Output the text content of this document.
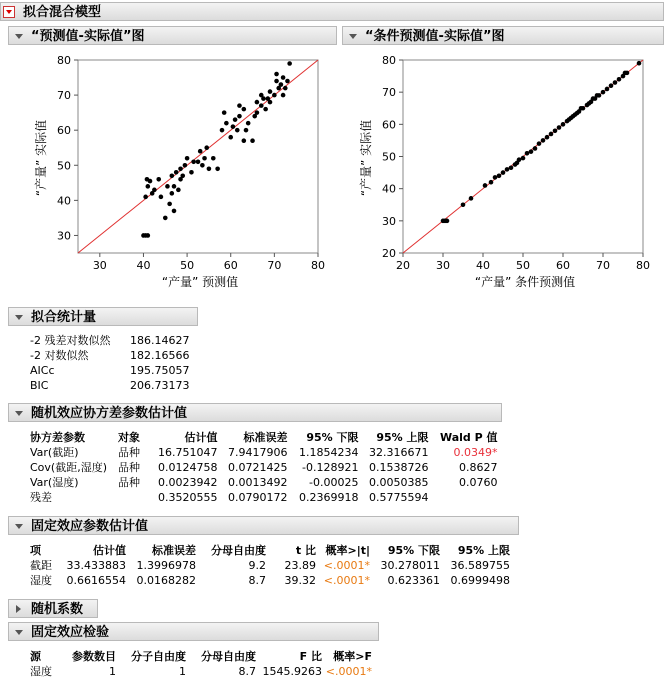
拟合混合模型
“预测值-实际值”图	“条件预测值-实际值”图
30	40	50	60	70	80
30
40
50
60
70
80
“产量” 预测值
“产量” 实际值
20 30 40 50 60 70 80
20
30
40
50
60
70
80
“产量” 条件预测值
“产量” 实际值
拟合统计量
-2 残差对数似然	186.14627
-2 对数似然	182.16566
AICc	195.75057
BIC	206.73173
随机效应协方差参数估计值
协方差参数	对象	估计值	标准误差	95% 下限	95% 上限	Wald P 值
Var(截距)	品种	16.751047	7.9417906	1.1854234	32.316671	0.0349*
Cov(截距,湿度)	品种	0.0124758	0.0721425	-0.128921	0.1538726	0.8627
Var(湿度)	品种	0.0023942	0.0013492	-0.00025	0.0050385	0.0760
残差		0.3520555	0.0790172	0.2369918	0.5775594	
固定效应参数估计值
项	估计值	标准误差	分母自由度	t 比	概率>|t|	95% 下限	95% 上限
截距	33.433883	1.3996978	9.2	23.89	<.0001*	30.278011	36.589755
湿度	0.6616554	0.0168282	8.7	39.32	<.0001*	0.623361	0.6999498
随机系数
固定效应检验
源	参数数目	分子自由度	分母自由度	F 比	概率>F
湿度	1	1	8.7	1545.9263	<.0001*
